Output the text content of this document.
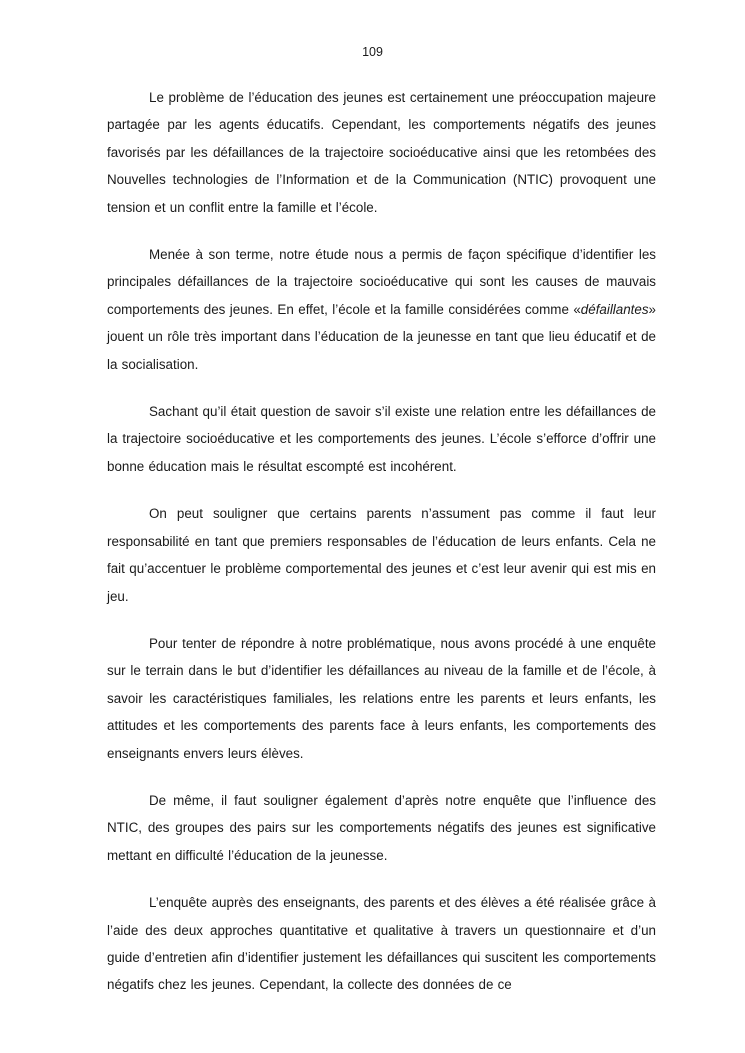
109

Le problème de l’éducation des jeunes est certainement une préoccupation majeure partagée par les agents éducatifs. Cependant, les comportements négatifs des jeunes favorisés par les défaillances de la trajectoire socioéducative ainsi que les retombées des Nouvelles technologies de l’Information et de la Communication (NTIC) provoquent une tension et un conflit entre la famille et l’école.

Menée à son terme, notre étude nous a permis de façon spécifique d’identifier les principales défaillances de la trajectoire socioéducative qui sont les causes de mauvais comportements des jeunes. En effet, l’école et la famille considérées comme «défaillantes» jouent un rôle très important dans l’éducation de la jeunesse en tant que lieu éducatif et de la socialisation.

Sachant qu’il était question de savoir s’il existe une relation entre les défaillances de la trajectoire socioéducative et les comportements des jeunes. L’école s’efforce d’offrir une bonne éducation mais le résultat escompté est incohérent.

On peut souligner que certains parents n’assument pas comme il faut leur responsabilité en tant que premiers responsables de l’éducation de leurs enfants. Cela ne fait qu’accentuer le problème comportemental des jeunes et c’est leur avenir qui est mis en jeu.

Pour tenter de répondre à notre problématique, nous avons procédé à une enquête sur le terrain dans le but d’identifier les défaillances au niveau de la famille et de l’école, à savoir les caractéristiques familiales, les relations entre les parents et leurs enfants, les attitudes et les comportements des parents face à leurs enfants, les comportements des enseignants envers leurs élèves.

De même, il faut souligner également d’après notre enquête que l’influence des NTIC, des groupes des pairs sur les comportements négatifs des jeunes est significative mettant en difficulté l’éducation de la jeunesse.

L’enquête auprès des enseignants, des parents et des élèves a été réalisée grâce à l’aide des deux approches quantitative et qualitative à travers un questionnaire et d’un guide d’entretien afin d’identifier justement les défaillances qui suscitent les comportements négatifs chez les jeunes. Cependant, la collecte des données de ce
